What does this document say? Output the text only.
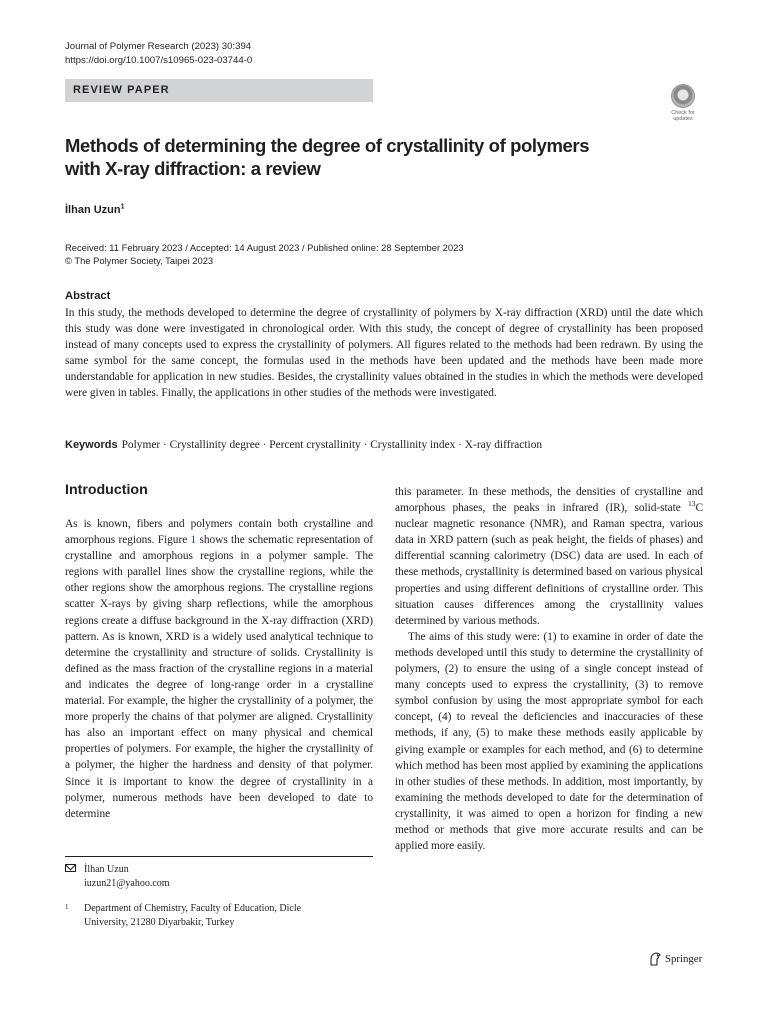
Journal of Polymer Research (2023) 30:394
https://doi.org/10.1007/s10965-023-03744-0
REVIEW PAPER
Check for
updates
Methods of determining the degree of crystallinity of polymers
with X-ray diffraction: a review
İlhan Uzun$^1$
Received: 11 February 2023 / Accepted: 14 August 2023 / Published online: 28 September 2023
© The Polymer Society, Taipei 2023
Abstract
In this study, the methods developed to determine the degree of crystallinity of polymers by X-ray diffraction (XRD) until the date which this study was done were investigated in chronological order. With this study, the concept of degree of crystallinity has been proposed instead of many concepts used to express the crystallinity of polymers. All figures related to the methods had been redrawn. By using the same symbol for the same concept, the formulas used in the methods have been updated and the methods have been made more understandable for application in new studies. Besides, the crystallinity values obtained in the studies in which the methods were developed were given in tables. Finally, the applications in other studies of the methods were investigated.
Keywords Polymer · Crystallinity degree · Percent crystallinity · Crystallinity index · X-ray diffraction
Introduction

As is known, fibers and polymers contain both crystalline and amorphous regions. Figure 1 shows the schematic representation of crystalline and amorphous regions in a polymer sample. The regions with parallel lines show the crystalline regions, while the other regions show the amorphous regions. The crystalline regions scatter X-rays by giving sharp reflections, while the amorphous regions create a diffuse background in the X-ray diffraction (XRD) pattern. As is known, XRD is a widely used analytical technique to determine the crystallinity and structure of solids. Crystallinity is defined as the mass fraction of the crystalline regions in a material and indicates the degree of long-range order in a crystalline material. For example, the higher the crystallinity of a polymer, the more properly the chains of that polymer are aligned. Crystallinity has also an important effect on many physical and chemical properties of polymers. For example, the higher the crystallinity of a polymer, the higher the hardness and density of that polymer. Since it is important to know the degree of crystallinity in a polymer, numerous methods have been developed to date to determine

this parameter. In these methods, the densities of crystalline and amorphous phases, the peaks in infrared (IR), solid-state $^{13}$C nuclear magnetic resonance (NMR), and Raman spectra, various data in XRD pattern (such as peak height, the fields of phases) and differential scanning calorimetry (DSC) data are used. In each of these methods, crystallinity is determined based on various physical properties and using different definitions of crystalline order. This situation causes differences among the crystallinity values determined by various methods.

The aims of this study were: (1) to examine in order of date the methods developed until this study to determine the crystallinity of polymers, (2) to ensure the using of a single concept instead of many concepts used to express the crystallinity, (3) to remove symbol confusion by using the most appropriate symbol for each concept, (4) to reveal the deficiencies and inaccuracies of these methods, if any, (5) to make these methods easily applicable by giving example or examples for each method, and (6) to determine which method has been most applied by examining the applications in other studies of these methods. In addition, most importantly, by examining the methods developed to date for the determination of crystallinity, it was aimed to open a horizon for finding a new method or methods that give more accurate results and can be applied more easily.

İlhan Uzun
iuzun21@yahoo.com
1 Department of Chemistry, Faculty of Education, Dicle
University, 21280 Diyarbakir, Turkey
Springer
